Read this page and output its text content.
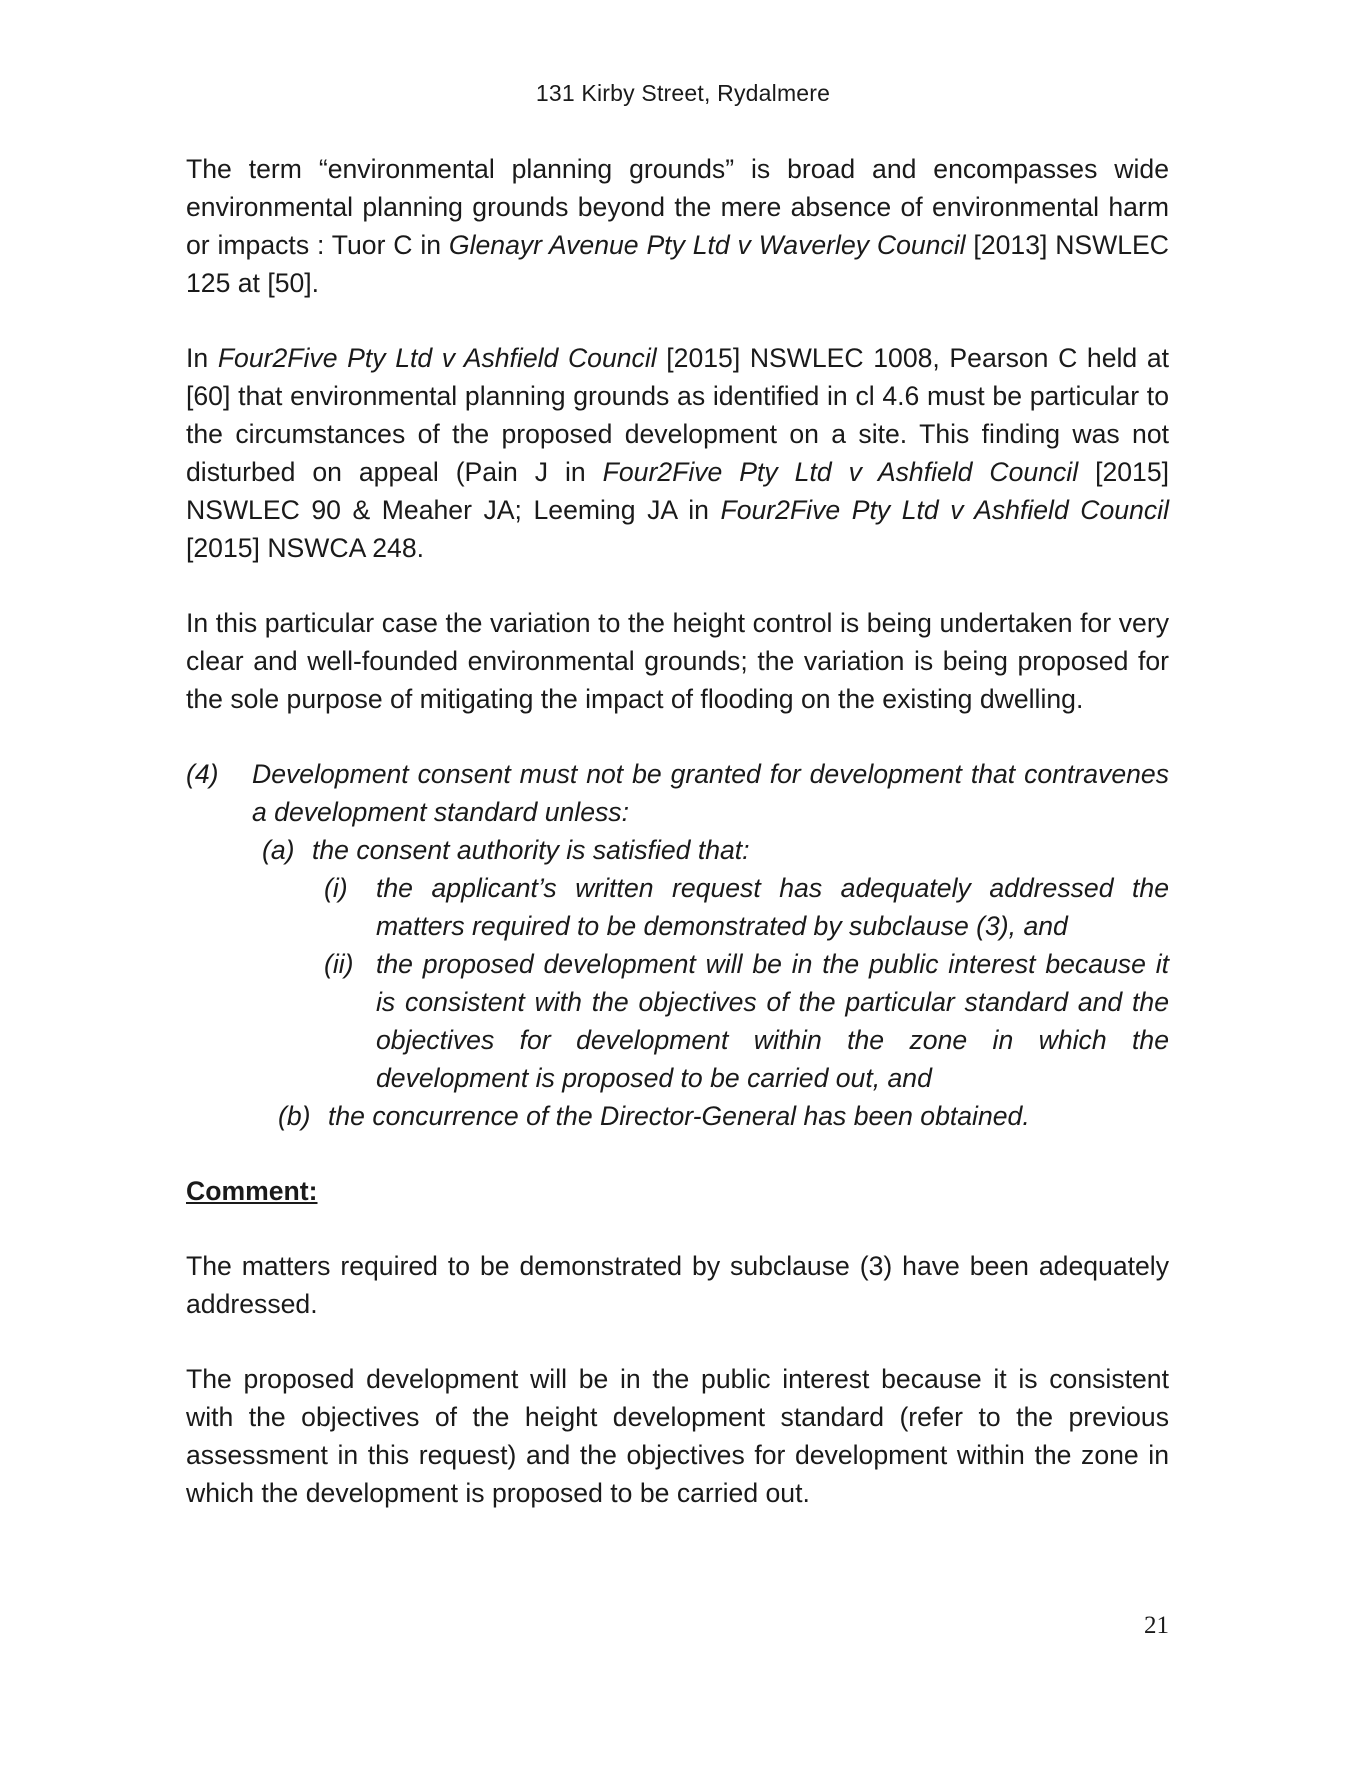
131 Kirby Street, Rydalmere

The term “environmental planning grounds” is broad and encompasses wide environmental planning grounds beyond the mere absence of environmental harm or impacts : Tuor C in Glenayr Avenue Pty Ltd v Waverley Council [2013] NSWLEC 125 at [50].

In Four2Five Pty Ltd v Ashfield Council [2015] NSWLEC 1008, Pearson C held at [60] that environmental planning grounds as identified in cl 4.6 must be particular to the circumstances of the proposed development on a site. This finding was not disturbed on appeal (Pain J in Four2Five Pty Ltd v Ashfield Council [2015] NSWLEC 90 & Meaher JA; Leeming JA in Four2Five Pty Ltd v Ashfield Council [2015] NSWCA 248.

In this particular case the variation to the height control is being undertaken for very clear and well-founded environmental grounds; the variation is being proposed for the sole purpose of mitigating the impact of flooding on the existing dwelling.

(4)	Development consent must not be granted for development that contravenes a development standard unless:
(a) the consent authority is satisfied that:
(i)	the applicant’s written request has adequately addressed the matters required to be demonstrated by subclause (3), and
(ii) the proposed development will be in the public interest because it is consistent with the objectives of the particular standard and the objectives for development within the zone in which the development is proposed to be carried out, and
(b) the concurrence of the Director-General has been obtained.
Comment:

The matters required to be demonstrated by subclause (3) have been adequately addressed.

The proposed development will be in the public interest because it is consistent with the objectives of the height development standard (refer to the previous assessment in this request) and the objectives for development within the zone in which the development is proposed to be carried out.

21
